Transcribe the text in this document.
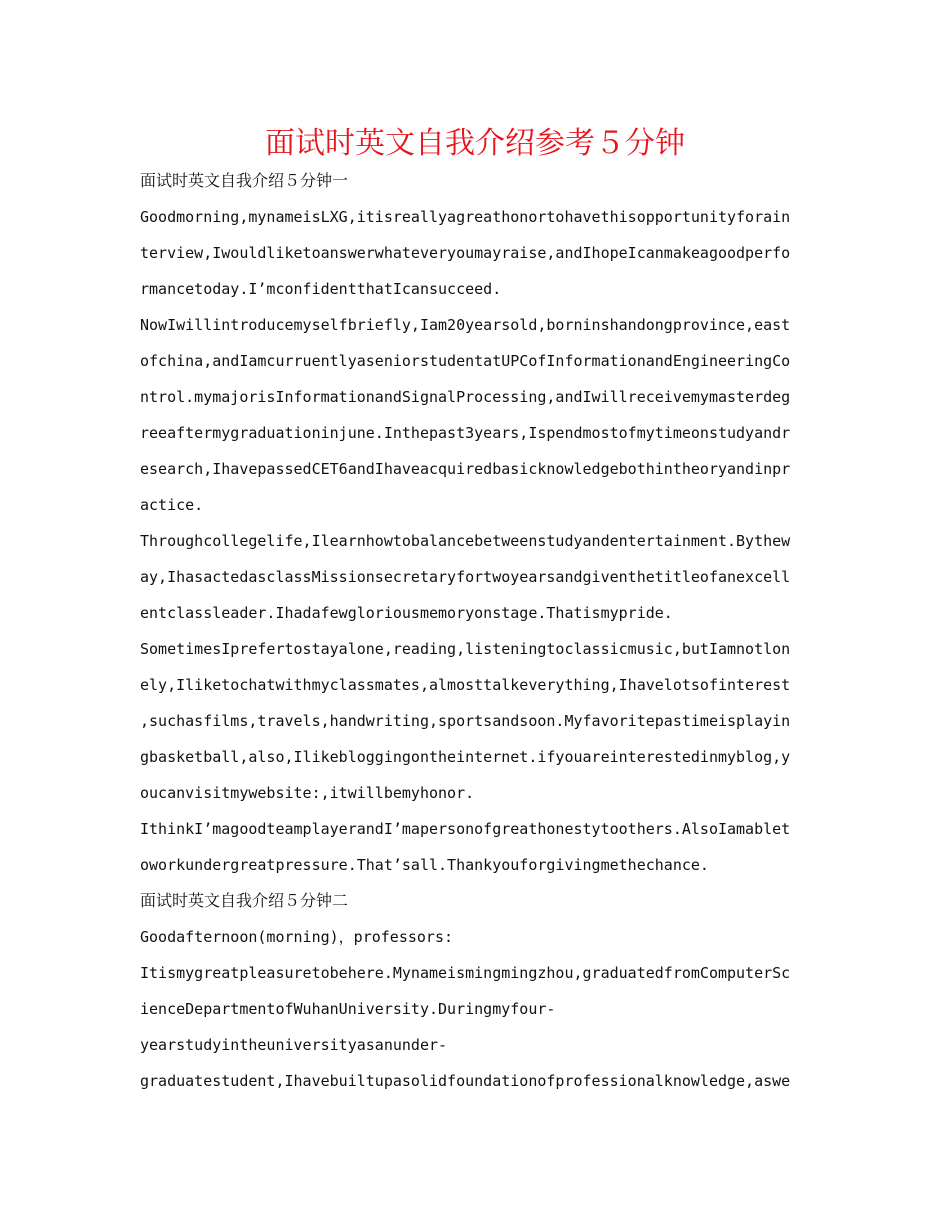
面试时英文自我介绍参考５分钟
面试时英文自我介绍５分钟一
Goodmorning,mynameisLXG,itisreallyagreathonortohavethisopportunityforain
terview,Iwouldliketoanswerwhateveryoumayraise,andIhopeIcanmakeagoodperfo
rmancetoday.I’mconfidentthatIcansucceed.
NowIwillintroducemyselfbriefly,Iam20yearsold,borninshandongprovince,east
ofchina,andIamcurruentlyaseniorstudentatUPCofInformationandEngineeringCo
ntrol.mymajorisInformationandSignalProcessing,andIwillreceivemymasterdeg
reeaftermygraduationinjune.Inthepast3years,Ispendmostofmytimeonstudyandr
esearch,IhavepassedCET6andIhaveacquiredbasicknowledgebothintheoryandinpr
actice.
Throughcollegelife,Ilearnhowtobalancebetweenstudyandentertainment.Bythew
ay,IhasactedasclassMissionsecretaryfortwoyearsandgiventhetitleofanexcell
entclassleader.Ihadafewgloriousmemoryonstage.Thatismypride.
SometimesIprefertostayalone,reading,listeningtoclassicmusic,butIamnotlon
ely,Iliketochatwithmyclassmates,almosttalkeverything,Ihavelotsofinterest
,suchasfilms,travels,handwriting,sportsandsoon.Myfavoritepastimeisplayin
gbasketball,also,Ilikebloggingontheinternet.ifyouareinterestedinmyblog,y
oucanvisitmywebsite:,itwillbemyhonor.
IthinkI’magoodteamplayerandI’mapersonofgreathonestytoothers.AlsoIamablet
oworkundergreatpressure.That’sall.Thankyouforgivingmethechance.
面试时英文自我介绍５分钟二
Goodafternoon(morning)，professors:
Itismygreatpleasuretobehere.Mynameismingmingzhou,graduatedfromComputerSc
ienceDepartmentofWuhanUniversity.Duringmyfour-
yearstudyintheuniversityasanunder-
graduatestudent,Ihavebuiltupasolidfoundationofprofessionalknowledge,aswe
